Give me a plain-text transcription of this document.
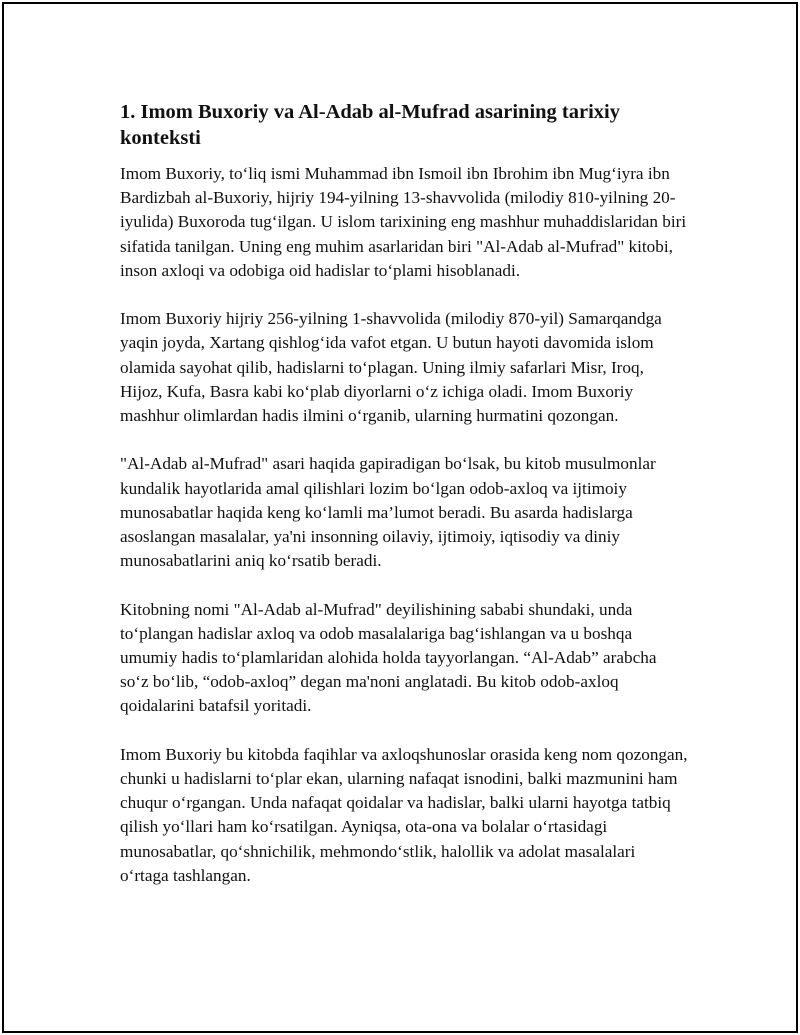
1. Imom Buxoriy va Al-Adab al-Mufrad asarining tarixiy konteksti

Imom Buxoriy, to‘liq ismi Muhammad ibn Ismoil ibn Ibrohim ibn Mug‘iyra ibn Bardizbah al-Buxoriy, hijriy 194-yilning 13-shavvolida (milodiy 810-yilning 20-iyulida) Buxoroda tug‘ilgan. U islom tarixining eng mashhur muhaddislaridan biri sifatida tanilgan. Uning eng muhim asarlaridan biri "Al-Adab al-Mufrad" kitobi, inson axloqi va odobiga oid hadislar to‘plami hisoblanadi.

Imom Buxoriy hijriy 256-yilning 1-shavvolida (milodiy 870-yil) Samarqandga yaqin joyda, Xartang qishlog‘ida vafot etgan. U butun hayoti davomida islom olamida sayohat qilib, hadislarni to‘plagan. Uning ilmiy safarlari Misr, Iroq, Hijoz, Kufa, Basra kabi ko‘plab diyorlarni o‘z ichiga oladi. Imom Buxoriy mashhur olimlardan hadis ilmini o‘rganib, ularning hurmatini qozongan.

"Al-Adab al-Mufrad" asari haqida gapiradigan bo‘lsak, bu kitob musulmonlar kundalik hayotlarida amal qilishlari lozim bo‘lgan odob-axloq va ijtimoiy munosabatlar haqida keng ko‘lamli ma’lumot beradi. Bu asarda hadislarga asoslangan masalalar, ya'ni insonning oilaviy, ijtimoiy, iqtisodiy va diniy munosabatlarini aniq ko‘rsatib beradi.

Kitobning nomi "Al-Adab al-Mufrad" deyilishining sababi shundaki, unda to‘plangan hadislar axloq va odob masalalariga bag‘ishlangan va u boshqa umumiy hadis to‘plamlaridan alohida holda tayyorlangan. “Al-Adab” arabcha so‘z bo‘lib, “odob-axloq” degan ma'noni anglatadi. Bu kitob odob-axloq qoidalarini batafsil yoritadi.

Imom Buxoriy bu kitobda faqihlar va axloqshunoslar orasida keng nom qozongan, chunki u hadislarni to‘plar ekan, ularning nafaqat isnodini, balki mazmunini ham chuqur o‘rgangan. Unda nafaqat qoidalar va hadislar, balki ularni hayotga tatbiq qilish yo‘llari ham ko‘rsatilgan. Ayniqsa, ota-ona va bolalar o‘rtasidagi munosabatlar, qo‘shnichilik, mehmondo‘stlik, halollik va adolat masalalari o‘rtaga tashlangan.
